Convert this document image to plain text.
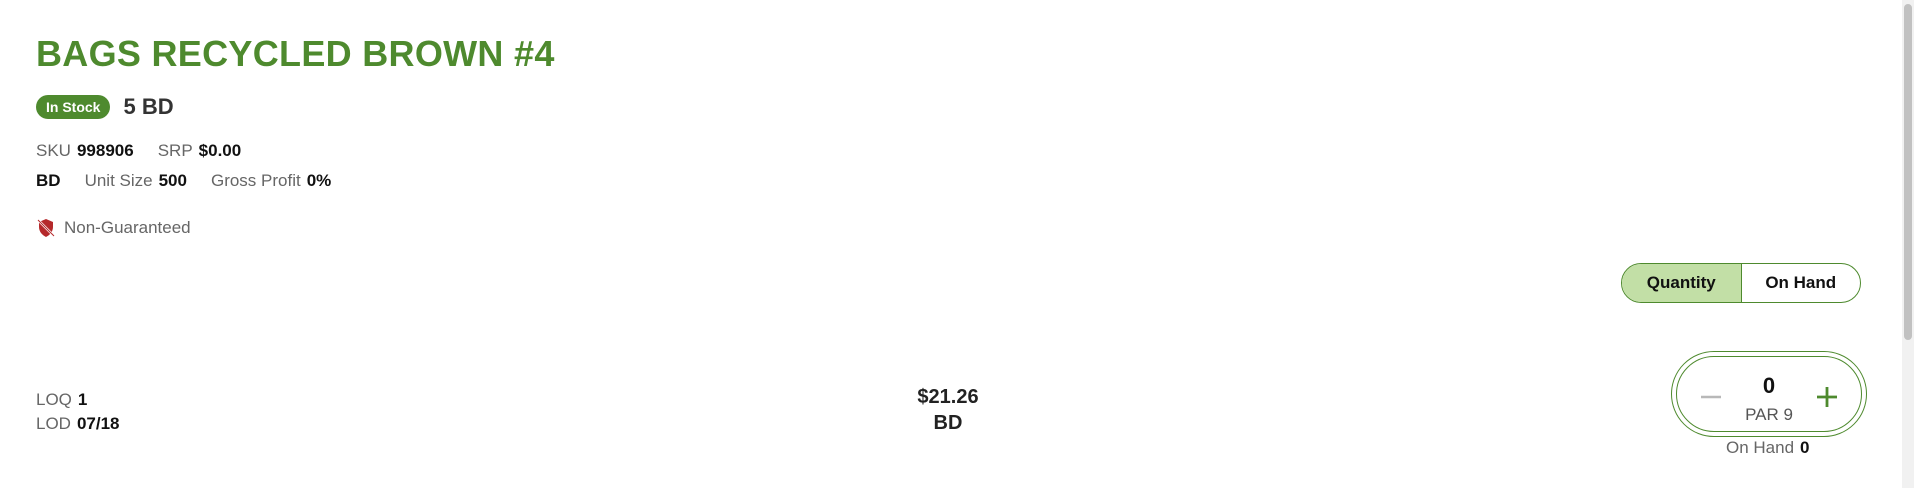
BAGS RECYCLED BROWN #4
In Stock	5 BD
SKU 998906 SRP $0.00
BD Unit Size 500 Gross Profit 0%
Non-Guaranteed
Quantity	On Hand
LOQ 1
LOD 07/18
$21.26
BD
0
PAR 9
On Hand 0
